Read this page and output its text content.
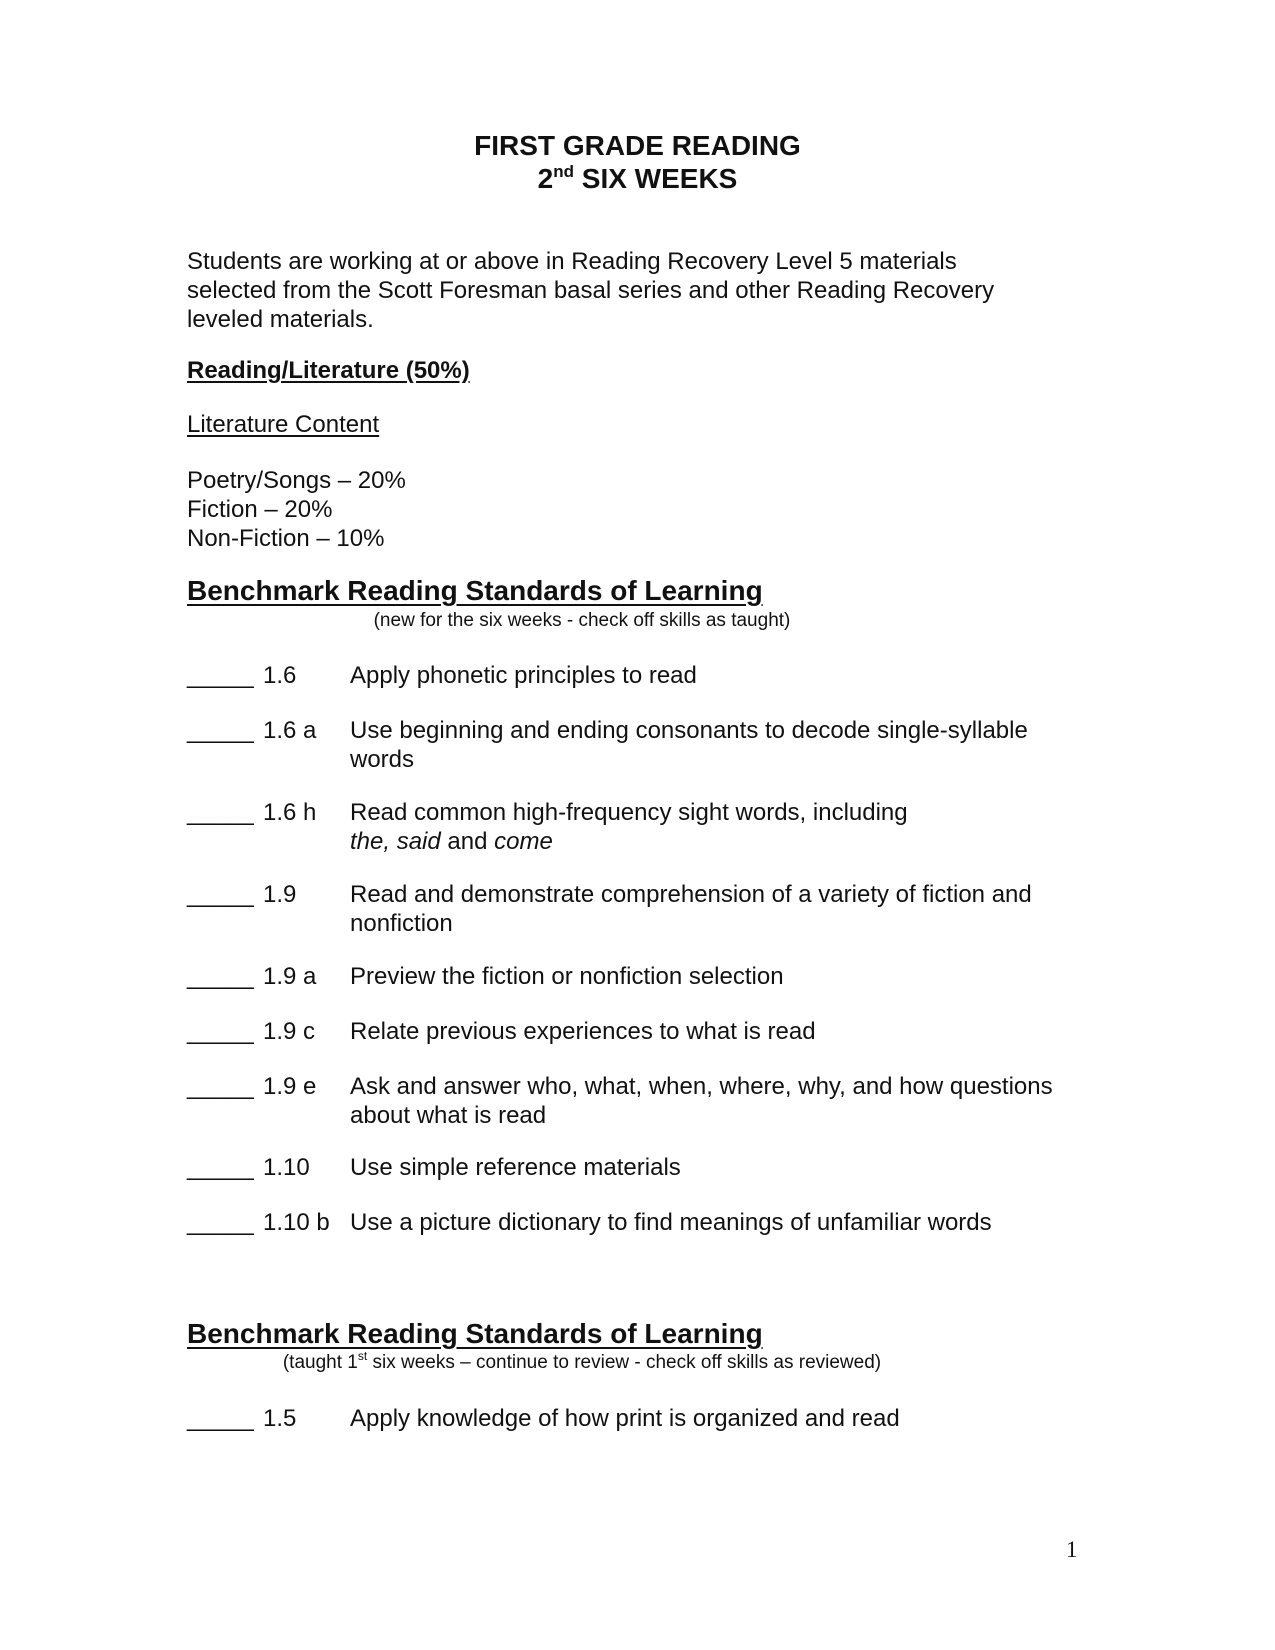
FIRST GRADE READING
2nd SIX WEEKS
Students are working at or above in Reading Recovery Level 5 materials
selected from the Scott Foresman basal series and other Reading Recovery
leveled materials.
Reading/Literature (50%)
Literature Content
Poetry/Songs – 20%
Fiction – 20%
Non-Fiction – 10%
Benchmark Reading Standards of Learning
(new for the six weeks - check off skills as taught)
_____ 1.6 Apply phonetic principles to read
_____ 1.6 a Use beginning and ending consonants to decode single-syllable
words
_____ 1.6 h Read common high-frequency sight words, including
the, said and come
_____ 1.9 Read and demonstrate comprehension of a variety of fiction and
nonfiction
_____ 1.9 a Preview the fiction or nonfiction selection
_____ 1.9 c Relate previous experiences to what is read
_____ 1.9 e Ask and answer who, what, when, where, why, and how questions
about what is read
_____ 1.10 Use simple reference materials
_____ 1.10 b Use a picture dictionary to find meanings of unfamiliar words
Benchmark Reading Standards of Learning
(taught 1st six weeks – continue to review - check off skills as reviewed)
_____ 1.5 Apply knowledge of how print is organized and read
1
